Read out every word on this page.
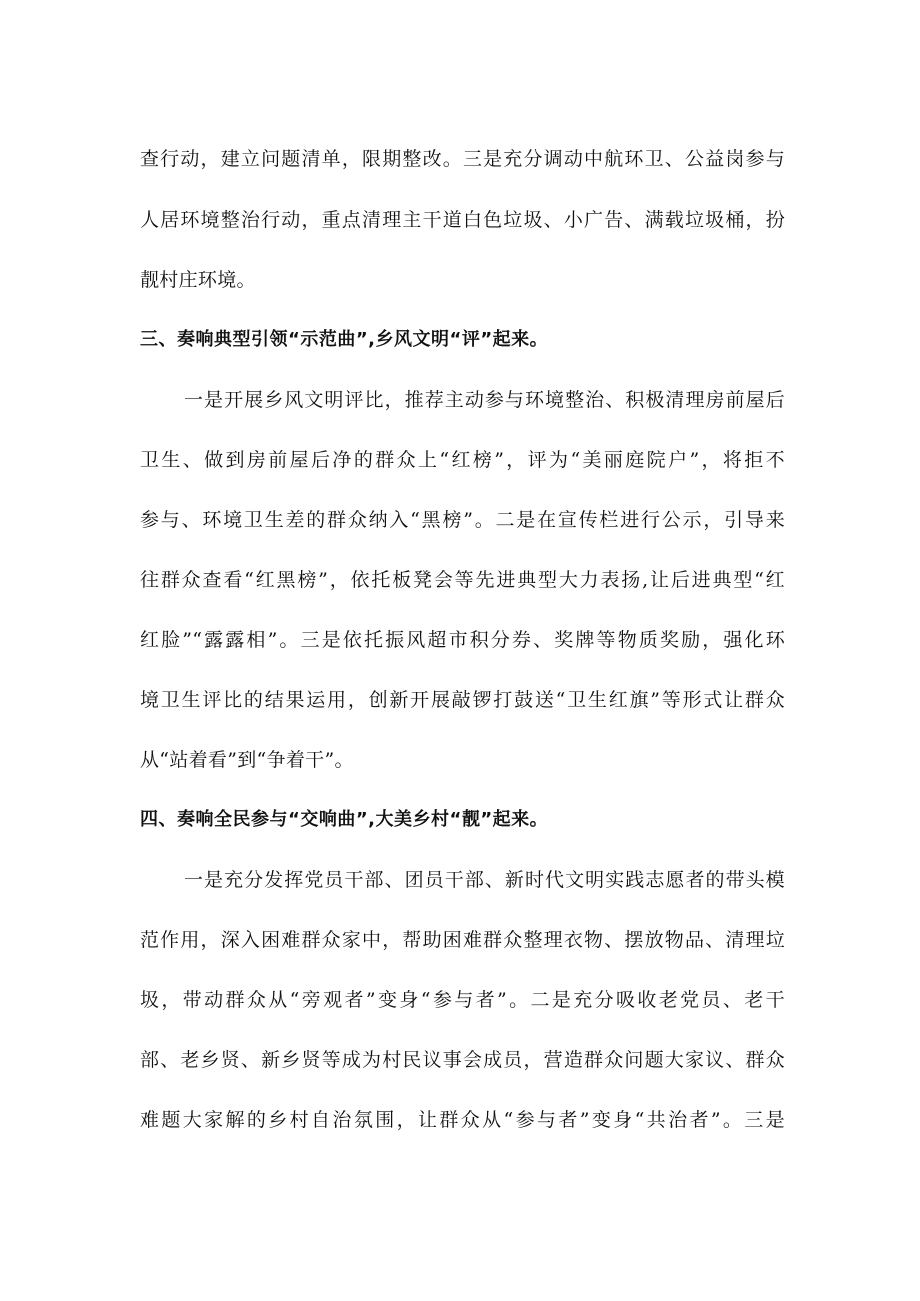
查行动，建立问题清单，限期整改。三是充分调动中航环卫、公益岗参与
人居环境整治行动，重点清理主干道白色垃圾、小广告、满载垃圾桶，扮
靓村庄环境。
三、奏响典型引领“示范曲”,乡风文明“评”起来。
一是开展乡风文明评比，推荐主动参与环境整治、积极清理房前屋后
卫生、做到房前屋后净的群众上“红榜”，评为“美丽庭院户”，将拒不
参与、环境卫生差的群众纳入“黑榜”。二是在宣传栏进行公示，引导来
往群众查看“红黑榜”，依托板凳会等先进典型大力表扬,让后进典型“红
红脸”“露露相”。三是依托振风超市积分券、奖牌等物质奖励，强化环
境卫生评比的结果运用，创新开展敲锣打鼓送“卫生红旗”等形式让群众
从“站着看”到“争着干”。
四、奏响全民参与“交响曲”,大美乡村“靓”起来。
一是充分发挥党员干部、团员干部、新时代文明实践志愿者的带头模
范作用，深入困难群众家中，帮助困难群众整理衣物、摆放物品、清理垃
圾，带动群众从“旁观者”变身“参与者”。二是充分吸收老党员、老干
部、老乡贤、新乡贤等成为村民议事会成员，营造群众问题大家议、群众
难题大家解的乡村自治氛围，让群众从“参与者”变身“共治者”。三是
